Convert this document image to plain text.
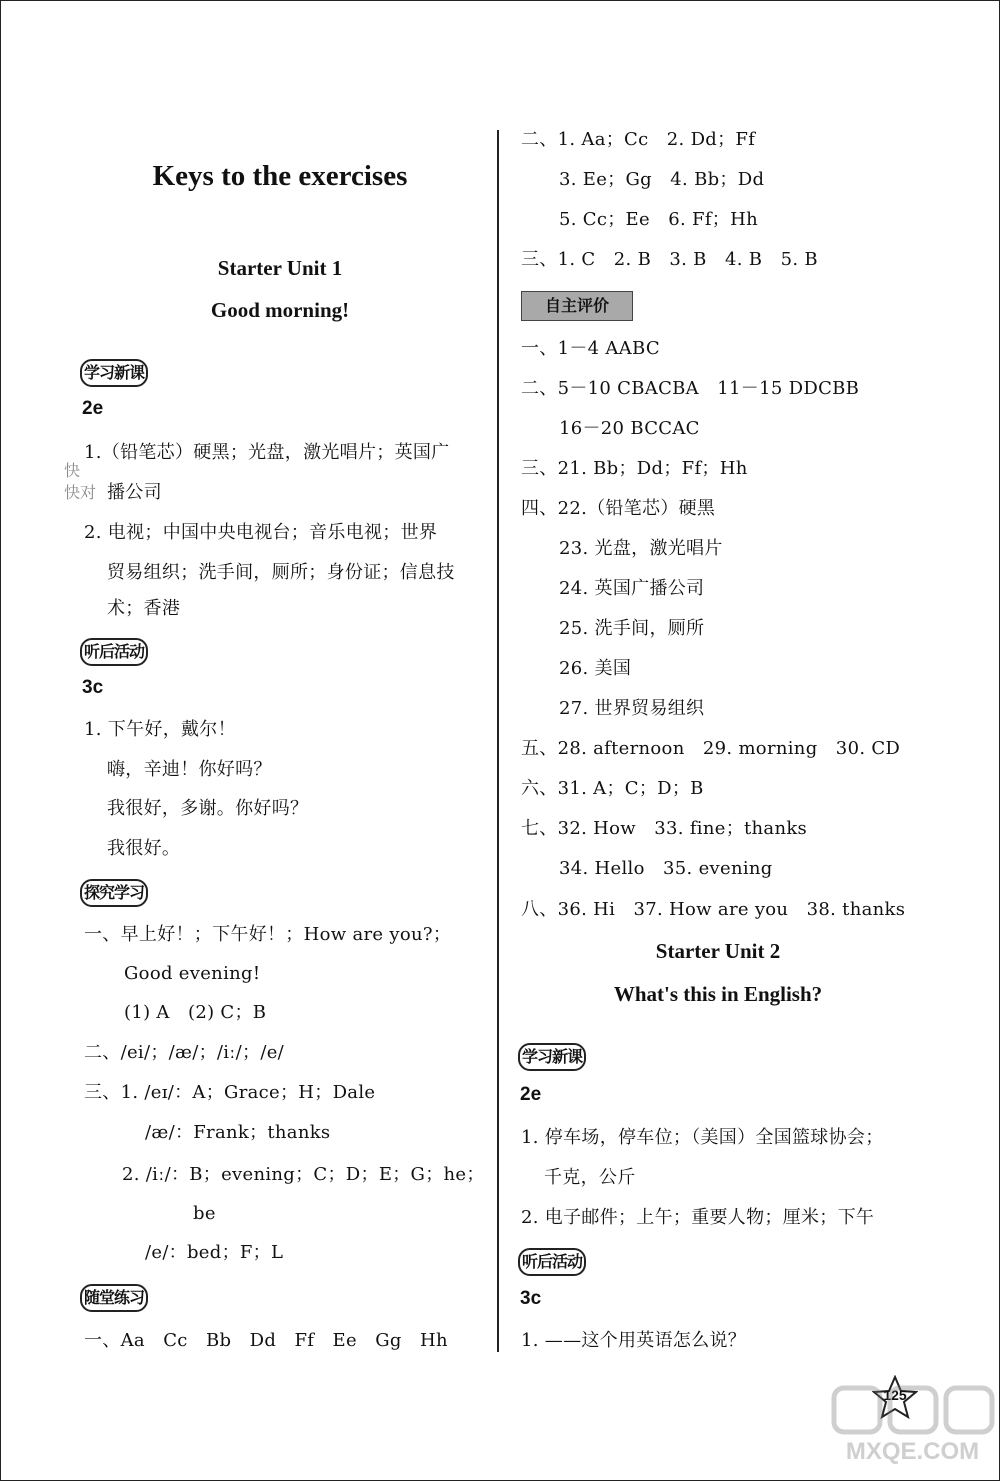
Keys to the exercises
Starter Unit 1
Good morning!
学习新课
2e
1.（铅笔芯）硬黑；光盘，激光唱片；英国广
播公司
快
快对
2. 电视；中国中央电视台；音乐电视；世界
贸易组织；洗手间，厕所；身份证；信息技
术；香港
听后活动
3c
1. 下午好，戴尔！
嗨，辛迪！你好吗？
我很好，多谢。你好吗？
我很好。
探究学习
一、早上好！；下午好！；How are you?；
Good evening!
(1) A　(2) C；B
二、/ei/；/æ/；/iː/；/e/
三、1. /eɪ/：A；Grace；H；Dale
/æ/：Frank；thanks
2. /iː/：B；evening；C；D；E；G；he；
be
/e/：bed；F；L
随堂练习
一、Aa　Cc　Bb　Dd　Ff　Ee　Gg　Hh
二、1. Aa；Cc　2. Dd；Ff
3. Ee；Gg　4. Bb；Dd
5. Cc；Ee　6. Ff；Hh
三、1. C　2. B　3. B　4. B　5. B
自主评价
一、1－4 AABC
二、5－10 CBACBA　11－15 DDCBB
16－20 BCCAC
三、21. Bb；Dd；Ff；Hh
四、22.（铅笔芯）硬黑
23. 光盘，激光唱片
24. 英国广播公司
25. 洗手间，厕所
26. 美国
27. 世界贸易组织
五、28. afternoon　29. morning　30. CD
六、31. A；C；D；B
七、32. How　33. fine；thanks
34. Hello　35. evening
八、36. Hi　37. How are you　38. thanks
Starter Unit 2
What's this in English?
学习新课
2e
1. 停车场，停车位；（美国）全国篮球协会；
千克，公斤
2. 电子邮件；上午；重要人物；厘米；下午
听后活动
3c
1. ——这个用英语怎么说？
125
MXQE.COM
